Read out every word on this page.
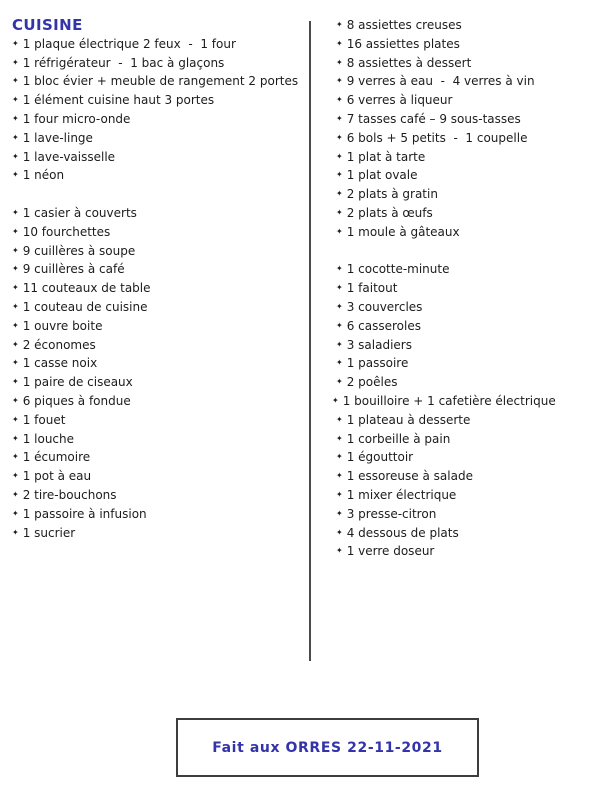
CUISINE
✦ 1 plaque électrique 2 feux  -  1 four
✦ 1 réfrigérateur  -  1 bac à glaçons
✦ 1 bloc évier + meuble de rangement 2 portes
✦ 1 élément cuisine haut 3 portes
✦ 1 four micro-onde
✦ 1 lave-linge
✦ 1 lave-vaisselle
✦ 1 néon
✦ 1 casier à couverts
✦ 10 fourchettes
✦ 9 cuillères à soupe
✦ 9 cuillères à café
✦ 11 couteaux de table
✦ 1 couteau de cuisine
✦ 1 ouvre boite
✦ 2 économes
✦ 1 casse noix
✦ 1 paire de ciseaux
✦ 6 piques à fondue
✦ 1 fouet
✦ 1 louche
✦ 1 écumoire
✦ 1 pot à eau
✦ 2 tire-bouchons
✦ 1 passoire à infusion
✦ 1 sucrier
✦ 8 assiettes creuses
✦ 16 assiettes plates
✦ 8 assiettes à dessert
✦ 9 verres à eau  -  4 verres à vin
✦ 6 verres à liqueur
✦ 7 tasses café – 9 sous-tasses
✦ 6 bols + 5 petits  -  1 coupelle
✦ 1 plat à tarte
✦ 1 plat ovale
✦ 2 plats à gratin
✦ 2 plats à œufs
✦ 1 moule à gâteaux
✦ 1 cocotte-minute
✦ 1 faitout
✦ 3 couvercles
✦ 6 casseroles
✦ 3 saladiers
✦ 1 passoire
✦ 2 poêles
✦ 1 bouilloire + 1 cafetière électrique
✦ 1 plateau à desserte
✦ 1 corbeille à pain
✦ 1 égouttoir
✦ 1 essoreuse à salade
✦ 1 mixer électrique
✦ 3 presse-citron
✦ 4 dessous de plats
✦ 1 verre doseur
Fait aux ORRES 22-11-2021
